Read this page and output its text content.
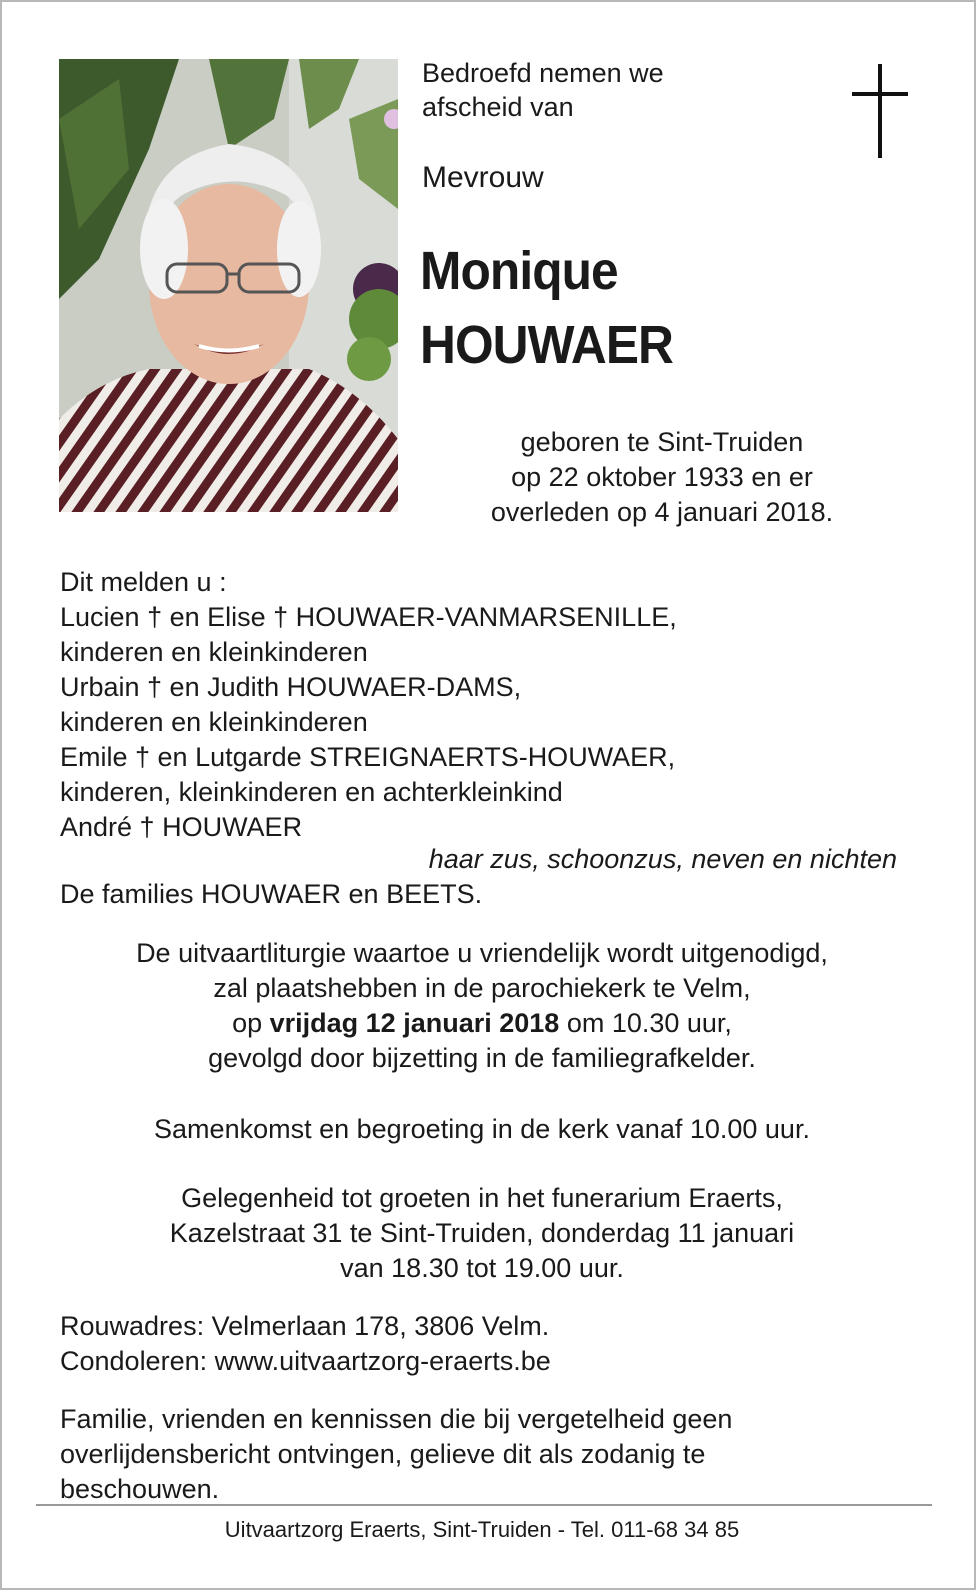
Bedroefd nemen we
afscheid van
Mevrouw
Monique
HOUWAER
geboren te Sint-Truiden
op 22 oktober 1933 en er
overleden op 4 januari 2018.
Dit melden u :
Lucien † en Elise † HOUWAER-VANMARSENILLE,
kinderen en kleinkinderen
Urbain † en Judith HOUWAER-DAMS,
kinderen en kleinkinderen
Emile † en Lutgarde STREIGNAERTS-HOUWAER,
kinderen, kleinkinderen en achterkleinkind
André † HOUWAER
haar zus, schoonzus, neven en nichten
De families HOUWAER en BEETS.
De uitvaartliturgie waartoe u vriendelijk wordt uitgenodigd,
zal plaatshebben in de parochiekerk te Velm,
op vrijdag 12 januari 2018 om 10.30 uur,
gevolgd door bijzetting in de familiegrafkelder.
Samenkomst en begroeting in de kerk vanaf 10.00 uur.
Gelegenheid tot groeten in het funerarium Eraerts,
Kazelstraat 31 te Sint-Truiden, donderdag 11 januari
van 18.30 tot 19.00 uur.
Rouwadres: Velmerlaan 178, 3806 Velm.
Condoleren: www.uitvaartzorg-eraerts.be
Familie, vrienden en kennissen die bij vergetelheid geen
overlijdensbericht ontvingen, gelieve dit als zodanig te
beschouwen.
Uitvaartzorg Eraerts, Sint-Truiden - Tel. 011-68 34 85
